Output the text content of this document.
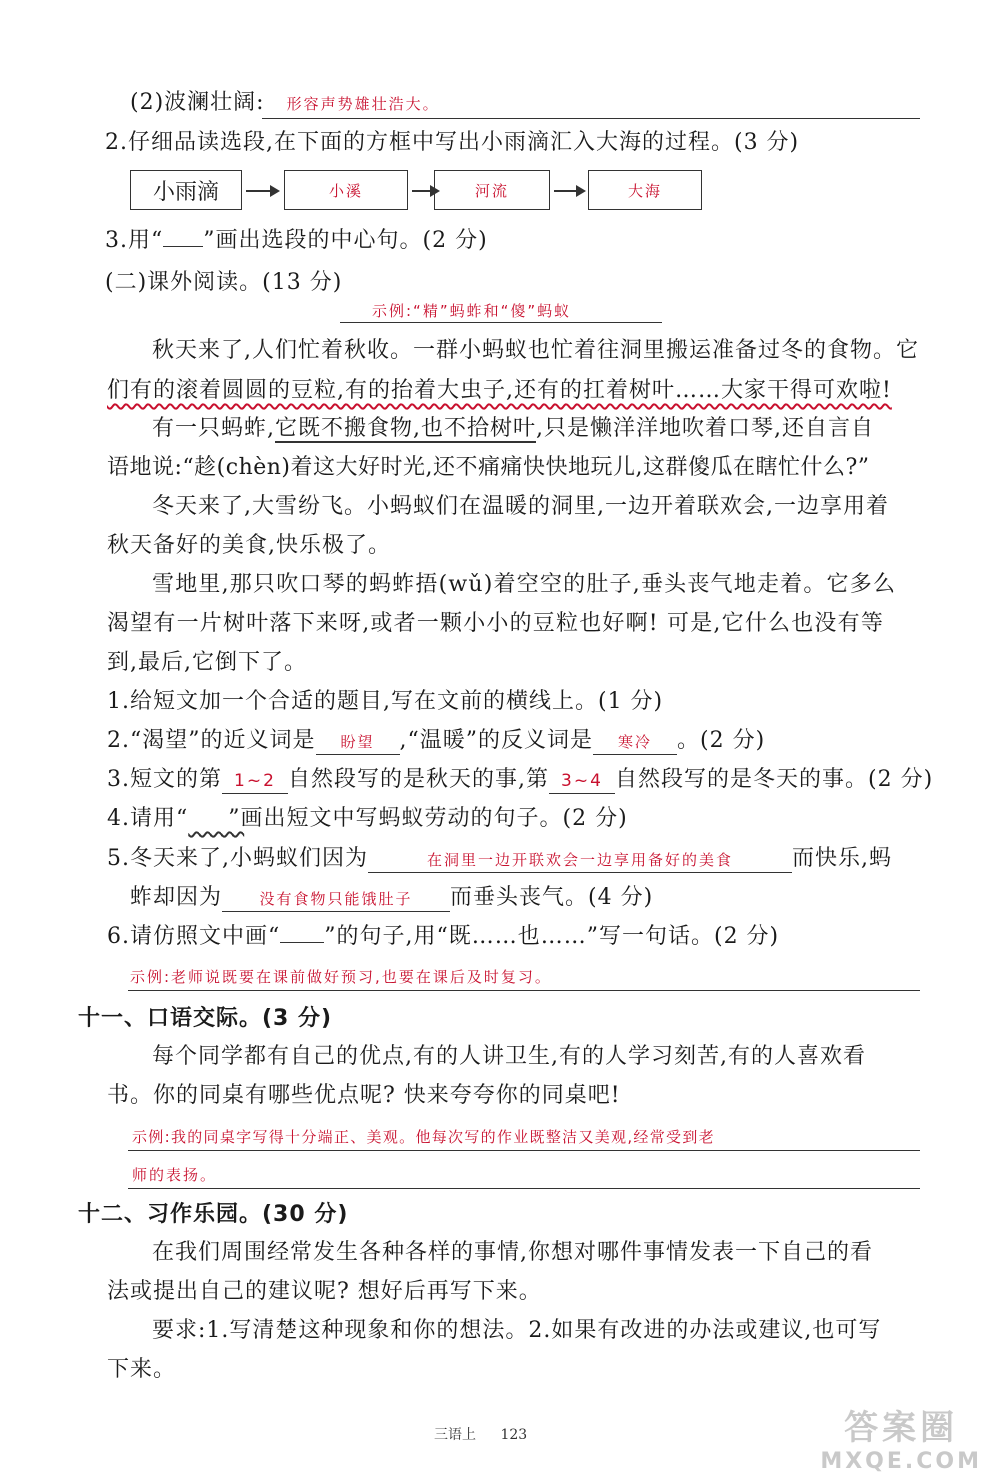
(2)波澜壮阔: 形容声势雄壮浩大。
2.仔细品读选段,在下面的方框中写出小雨滴汇入大海的过程。(3 分)
小雨滴	小溪	河流	大海
3.用“ ”画出选段的中心句。(2 分)
(二)课外阅读。(13 分)
示例:“精”蚂蚱和“傻”蚂蚁
秋天来了,人们忙着秋收。一群小蚂蚁也忙着往洞里搬运准备过冬的食物。它
们有的滚着圆圆的豆粒,有的抬着大虫子,还有的扛着树叶……大家干得可欢啦!
有一只蚂蚱,它既不搬食物,也不拾树叶,只是懒洋洋地吹着口琴,还自言自
语地说:“趁(chèn)着这大好时光,还不痛痛快快地玩儿,这群傻瓜在瞎忙什么?”
冬天来了,大雪纷飞。小蚂蚁们在温暖的洞里,一边开着联欢会,一边享用着
秋天备好的美食,快乐极了。
雪地里,那只吹口琴的蚂蚱捂(wǔ)着空空的肚子,垂头丧气地走着。它多么
渴望有一片树叶落下来呀,或者一颗小小的豆粒也好啊! 可是,它什么也没有等
到,最后,它倒下了。
1.给短文加一个合适的题目,写在文前的横线上。(1 分)
2.“渴望”的近义词是 盼望 ,“温暖”的反义词是 寒冷 。(2 分)
3.短文的第 1~2 自然段写的是秋天的事,第 3~4 自然段写的是冬天的事。(2 分)
4.请用“​       ”画出短文中写蚂蚁劳动的句子。(2 分)
5.冬天来了,小蚂蚁们因为	在洞里一边开联欢会一边享用备好的美食	而快乐,蚂
蚱却因为 没有食物只能饿肚子 而垂头丧气。(4 分)
6.请仿照文中画“ ”的句子,用“既……也……”写一句话。(2 分)
示例:老师说既要在课前做好预习,也要在课后及时复习。
十一、口语交际。(3 分)
每个同学都有自己的优点,有的人讲卫生,有的人学习刻苦,有的人喜欢看
书。你的同桌有哪些优点呢? 快来夸夸你的同桌吧!
示例:我的同桌字写得十分端正、美观。他每次写的作业既整洁又美观,经常受到老
师的表扬。
十二、习作乐园。(30 分)
在我们周围经常发生各种各样的事情,你想对哪件事情发表一下自己的看
法或提出自己的建议呢? 想好后再写下来。
要求:1.写清楚这种现象和你的想法。2.如果有改进的办法或建议,也可写
下来。
三语上 123	答案圈
MXQE.COM
